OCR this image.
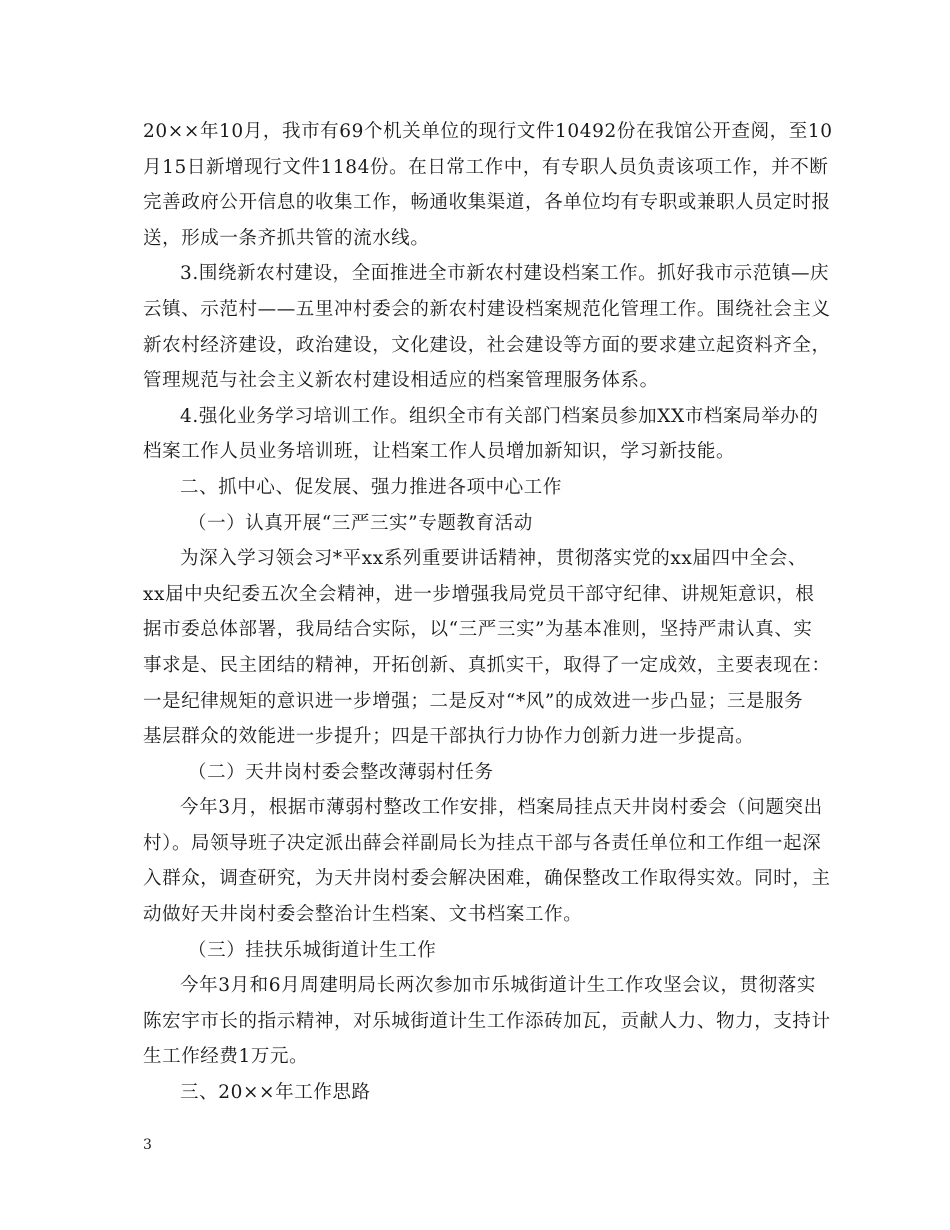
20××年10月，我市有69个机关单位的现行文件10492份在我馆公开查阅，至10
月15日新增现行文件1184份。在日常工作中，有专职人员负责该项工作，并不断
完善政府公开信息的收集工作，畅通收集渠道，各单位均有专职或兼职人员定时报
送，形成一条齐抓共管的流水线。
3.围绕新农村建设，全面推进全市新农村建设档案工作。抓好我市示范镇—庆
云镇、示范村——五里冲村委会的新农村建设档案规范化管理工作。围绕社会主义
新农村经济建设，政治建设，文化建设，社会建设等方面的要求建立起资料齐全，
管理规范与社会主义新农村建设相适应的档案管理服务体系。
4.强化业务学习培训工作。组织全市有关部门档案员参加XX市档案局举办的
档案工作人员业务培训班，让档案工作人员增加新知识，学习新技能。
二、抓中心、促发展、强力推进各项中心工作
（一）认真开展“三严三实”专题教育活动
为深入学习领会习*平xx系列重要讲话精神，贯彻落实党的xx届四中全会、
xx届中央纪委五次全会精神，进一步增强我局党员干部守纪律、讲规矩意识，根
据市委总体部署，我局结合实际，以“三严三实”为基本准则，坚持严肃认真、实
事求是、民主团结的精神，开拓创新、真抓实干，取得了一定成效，主要表现在：
一是纪律规矩的意识进一步增强；二是反对“*风”的成效进一步凸显；三是服务
基层群众的效能进一步提升；四是干部执行力协作力创新力进一步提高。
（二）天井岗村委会整改薄弱村任务
今年3月，根据市薄弱村整改工作安排，档案局挂点天井岗村委会（问题突出
村）。局领导班子决定派出薛会祥副局长为挂点干部与各责任单位和工作组一起深
入群众，调查研究，为天井岗村委会解决困难，确保整改工作取得实效。同时，主
动做好天井岗村委会整治计生档案、文书档案工作。
（三）挂扶乐城街道计生工作
今年3月和6月周建明局长两次参加市乐城街道计生工作攻坚会议，贯彻落实
陈宏宇市长的指示精神，对乐城街道计生工作添砖加瓦，贡献人力、物力，支持计
生工作经费1万元。
三、20××年工作思路
3
